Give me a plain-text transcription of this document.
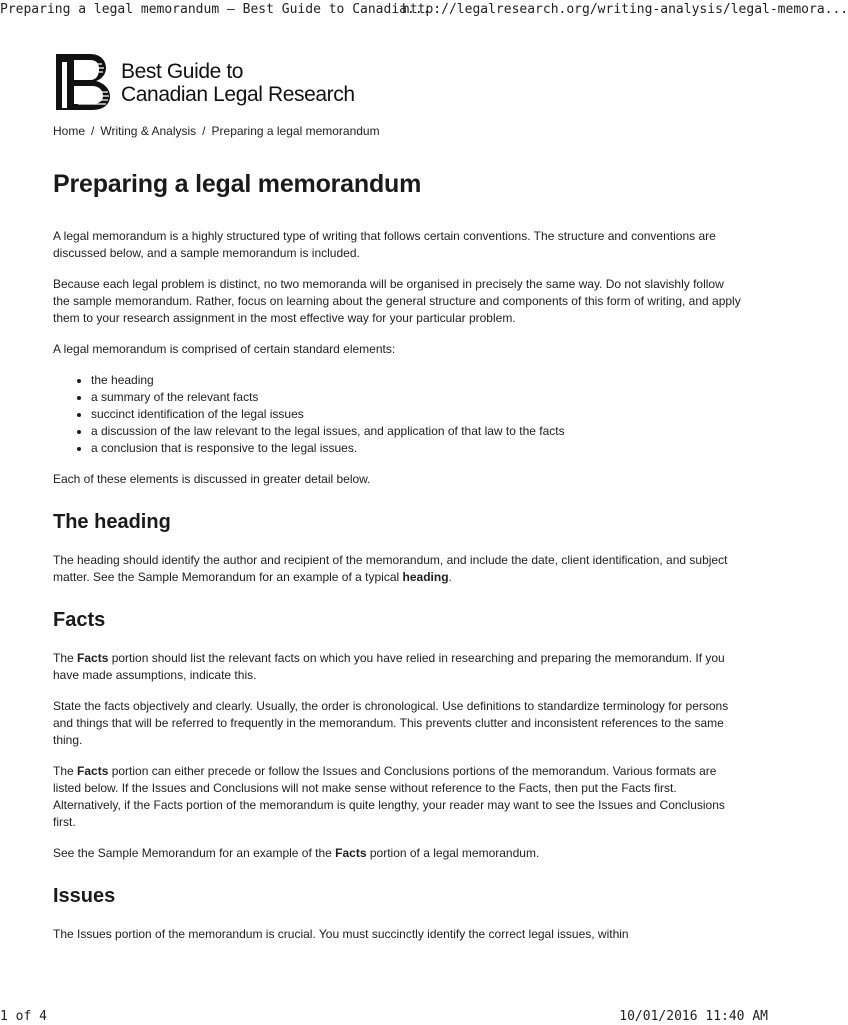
Preparing a legal memorandum – Best Guide to Canadia...
http://legalresearch.org/writing-analysis/legal-memora...
Best Guide to
Canadian Legal Research
Home / Writing & Analysis / Preparing a legal memorandum
Preparing a legal memorandum

A legal memorandum is a highly structured type of writing that follows certain conventions. The structure and conventions are discussed below, and a sample memorandum is included.

Because each legal problem is distinct, no two memoranda will be organised in precisely the same way. Do not slavishly follow the sample memorandum. Rather, focus on learning about the general structure and components of this form of writing, and apply them to your research assignment in the most effective way for your particular problem.

A legal memorandum is comprised of certain standard elements:

• the heading
• a summary of the relevant facts
• succinct identification of the legal issues
• a discussion of the law relevant to the legal issues, and application of that law to the facts
• a conclusion that is responsive to the legal issues.

Each of these elements is discussed in greater detail below.

The heading

The heading should identify the author and recipient of the memorandum, and include the date, client identification, and subject matter. See the Sample Memorandum for an example of a typical heading.

Facts

The Facts portion should list the relevant facts on which you have relied in researching and preparing the memorandum. If you have made assumptions, indicate this.

State the facts objectively and clearly. Usually, the order is chronological. Use definitions to standardize terminology for persons and things that will be referred to frequently in the memorandum. This prevents clutter and inconsistent references to the same thing.

The Facts portion can either precede or follow the Issues and Conclusions portions of the memorandum. Various formats are listed below. If the Issues and Conclusions will not make sense without reference to the Facts, then put the Facts first. Alternatively, if the Facts portion of the memorandum is quite lengthy, your reader may want to see the Issues and Conclusions first.

See the Sample Memorandum for an example of the Facts portion of a legal memorandum.

Issues

The Issues portion of the memorandum is crucial. You must succinctly identify the correct legal issues, within

1 of 4	10/01/2016 11:40 AM
